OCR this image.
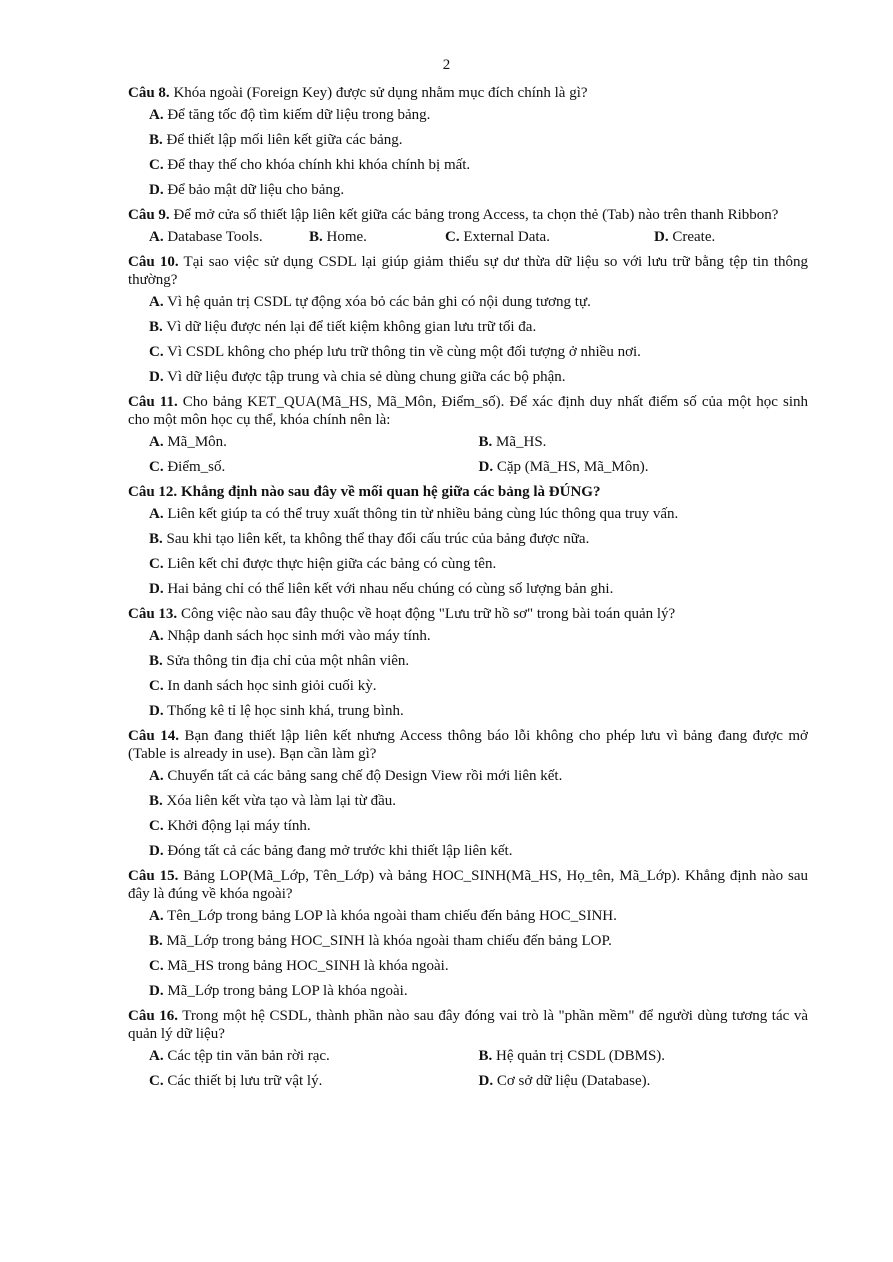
2

Câu 8. Khóa ngoài (Foreign Key) được sử dụng nhằm mục đích chính là gì?

A. Để tăng tốc độ tìm kiếm dữ liệu trong bảng.
B. Để thiết lập mối liên kết giữa các bảng.
C. Để thay thế cho khóa chính khi khóa chính bị mất.
D. Để bảo mật dữ liệu cho bảng.

Câu 9. Để mở cửa sổ thiết lập liên kết giữa các bảng trong Access, ta chọn thẻ (Tab) nào trên thanh Ribbon?

A. Database Tools.	B. Home.	C. External Data.	D. Create.

Câu 10. Tại sao việc sử dụng CSDL lại giúp giảm thiểu sự dư thừa dữ liệu so với lưu trữ bằng tệp tin thông thường?

A. Vì hệ quản trị CSDL tự động xóa bỏ các bản ghi có nội dung tương tự.
B. Vì dữ liệu được nén lại để tiết kiệm không gian lưu trữ tối đa.
C. Vì CSDL không cho phép lưu trữ thông tin về cùng một đối tượng ở nhiều nơi.
D. Vì dữ liệu được tập trung và chia sẻ dùng chung giữa các bộ phận.

Câu 11. Cho bảng KET_QUA(Mã_HS, Mã_Môn, Điểm_số). Để xác định duy nhất điểm số của một học sinh cho một môn học cụ thể, khóa chính nên là:

A. Mã_Môn.	B. Mã_HS.
C. Điểm_số.	D. Cặp (Mã_HS, Mã_Môn).

Câu 12. Khẳng định nào sau đây về mối quan hệ giữa các bảng là ĐÚNG?

A. Liên kết giúp ta có thể truy xuất thông tin từ nhiều bảng cùng lúc thông qua truy vấn.
B. Sau khi tạo liên kết, ta không thể thay đổi cấu trúc của bảng được nữa.
C. Liên kết chỉ được thực hiện giữa các bảng có cùng tên.
D. Hai bảng chỉ có thể liên kết với nhau nếu chúng có cùng số lượng bản ghi.

Câu 13. Công việc nào sau đây thuộc về hoạt động "Lưu trữ hồ sơ" trong bài toán quản lý?

A. Nhập danh sách học sinh mới vào máy tính.
B. Sửa thông tin địa chỉ của một nhân viên.
C. In danh sách học sinh giỏi cuối kỳ.
D. Thống kê tỉ lệ học sinh khá, trung bình.

Câu 14. Bạn đang thiết lập liên kết nhưng Access thông báo lỗi không cho phép lưu vì bảng đang được mở (Table is already in use). Bạn cần làm gì?

A. Chuyển tất cả các bảng sang chế độ Design View rồi mới liên kết.
B. Xóa liên kết vừa tạo và làm lại từ đầu.
C. Khởi động lại máy tính.
D. Đóng tất cả các bảng đang mở trước khi thiết lập liên kết.

Câu 15. Bảng LOP(Mã_Lớp, Tên_Lớp) và bảng HOC_SINH(Mã_HS, Họ_tên, Mã_Lớp). Khẳng định nào sau đây là đúng về khóa ngoài?

A. Tên_Lớp trong bảng LOP là khóa ngoài tham chiếu đến bảng HOC_SINH.
B. Mã_Lớp trong bảng HOC_SINH là khóa ngoài tham chiếu đến bảng LOP.
C. Mã_HS trong bảng HOC_SINH là khóa ngoài.
D. Mã_Lớp trong bảng LOP là khóa ngoài.

Câu 16. Trong một hệ CSDL, thành phần nào sau đây đóng vai trò là "phần mềm" để người dùng tương tác và quản lý dữ liệu?

A. Các tệp tin văn bản rời rạc.	B. Hệ quản trị CSDL (DBMS).
C. Các thiết bị lưu trữ vật lý.	D. Cơ sở dữ liệu (Database).
